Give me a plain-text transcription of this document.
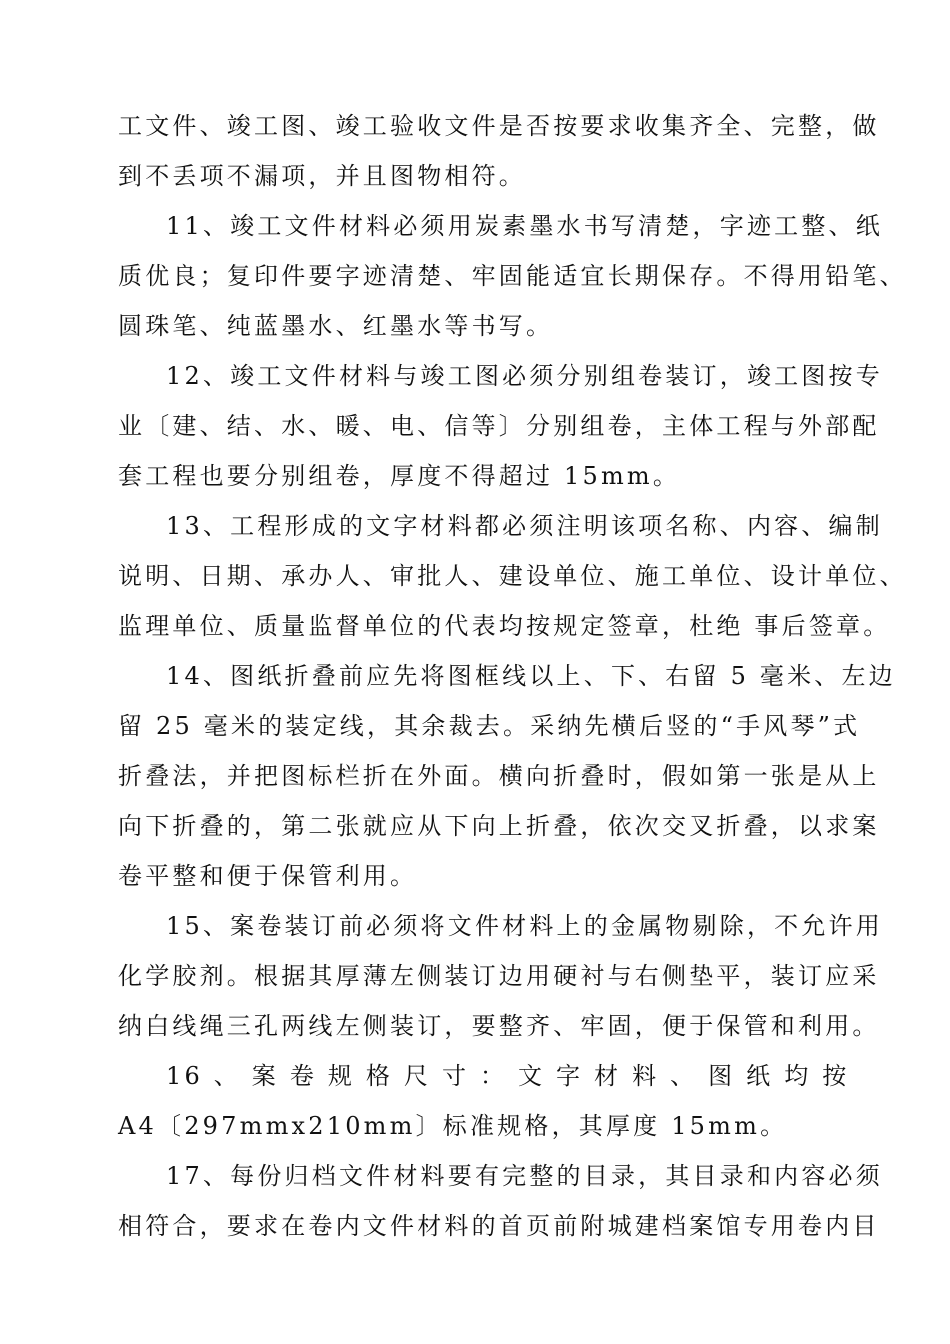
工文件、竣工图、竣工验收文件是否按要求收集齐全、完整，做
到不丢项不漏项，并且图物相符。
11、竣工文件材料必须用炭素墨水书写清楚，字迹工整、纸
质优良；复印件要字迹清楚、牢固能适宜长期保存。不得用铅笔、
圆珠笔、纯蓝墨水、红墨水等书写。
12、竣工文件材料与竣工图必须分别组卷装订，竣工图按专
业〔建、结、水、暖、电、信等〕分别组卷，主体工程与外部配
套工程也要分别组卷，厚度不得超过 15mm。
13、工程形成的文字材料都必须注明该项名称、内容、编制
说明、日期、承办人、审批人、建设单位、施工单位、设计单位、
监理单位、质量监督单位的代表均按规定签章，杜绝 事后签章。
14、图纸折叠前应先将图框线以上、下、右留 5 毫米、左边
留 25 毫米的装定线，其余裁去。采纳先横后竖的“手风琴”式
折叠法，并把图标栏折在外面。横向折叠时，假如第一张是从上
向下折叠的，第二张就应从下向上折叠，依次交叉折叠，以求案
卷平整和便于保管利用。
15、案卷装订前必须将文件材料上的金属物剔除，不允许用
化学胶剂。根据其厚薄左侧装订边用硬衬与右侧垫平，装订应采
纳白线绳三孔两线左侧装订，要整齐、牢固，便于保管和利用。
16 、 案 卷 规 格 尺 寸 ： 文 字 材 料 、 图 纸 均 按
A4〔297mmx210mm〕标准规格，其厚度 15mm。
17、每份归档文件材料要有完整的目录，其目录和内容必须
相符合，要求在卷内文件材料的首页前附城建档案馆专用卷内目
